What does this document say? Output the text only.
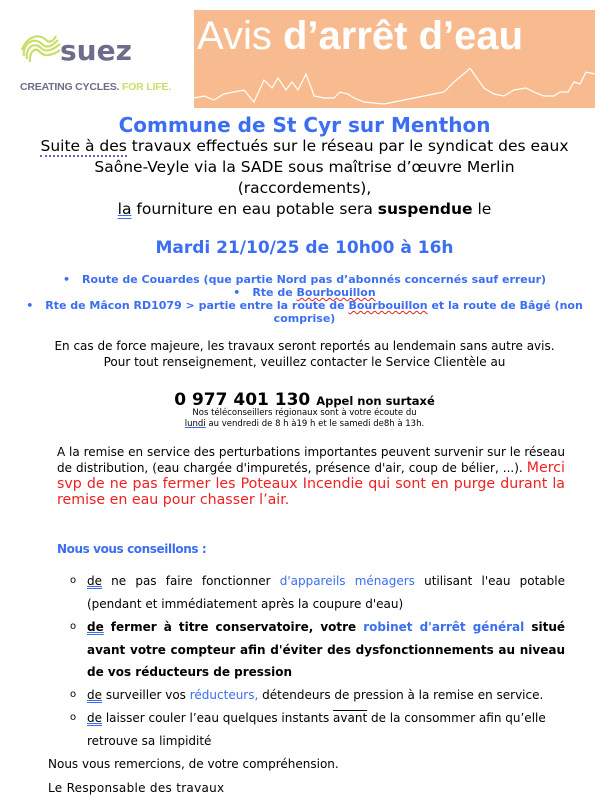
suez
CREATING CYCLES. FOR LIFE.
Avis d’arrêt d’eau
Commune de St Cyr sur Menthon
Suite à des travaux effectués sur le réseau par le syndicat des eaux
Saône-Veyle via la SADE sous maîtrise d’œuvre Merlin
(raccordements),
la fourniture en eau potable sera suspendue le
Mardi 21/10/25 de 10h00 à 16h
• Route de Couardes (que partie Nord pas d’abonnés concernés sauf erreur)
• Rte de Bourbouillon
• Rte de Mâcon RD1079 > partie entre la route de Bourbouillon et la route de Bâgé (non
comprise)
En cas de force majeure, les travaux seront reportés au lendemain sans autre avis.
Pour tout renseignement, veuillez contacter le Service Clientèle au
0 977 401 130 Appel non surtaxé
Nos téléconseillers régionaux sont à votre écoute du
lundi au vendredi de 8 h à19 h et le samedi de8h à 13h.
A la remise en service des perturbations importantes peuvent survenir sur le réseau de distribution, (eau chargée d'impuretés, présence d'air, coup de bélier, ...). Merci svp de ne pas fermer les Poteaux Incendie qui sont en purge durant la remise en eau pour chasser l’air.
Nous vous conseillons :
o de ne pas faire fonctionner d'appareils ménagers utilisant l'eau potable (pendant et immédiatement après la coupure d'eau)
o de fermer à titre conservatoire, votre robinet d'arrêt général situé avant votre compteur afin d'éviter des dysfonctionnements au niveau de vos réducteurs de pression
o de surveiller vos réducteurs, détendeurs de pression à la remise en service.
o de laisser couler l’eau quelques instants avant de la consommer afin qu’elle retrouve sa limpidité
Nous vous remercions, de votre compréhension.
Le Responsable des travaux
